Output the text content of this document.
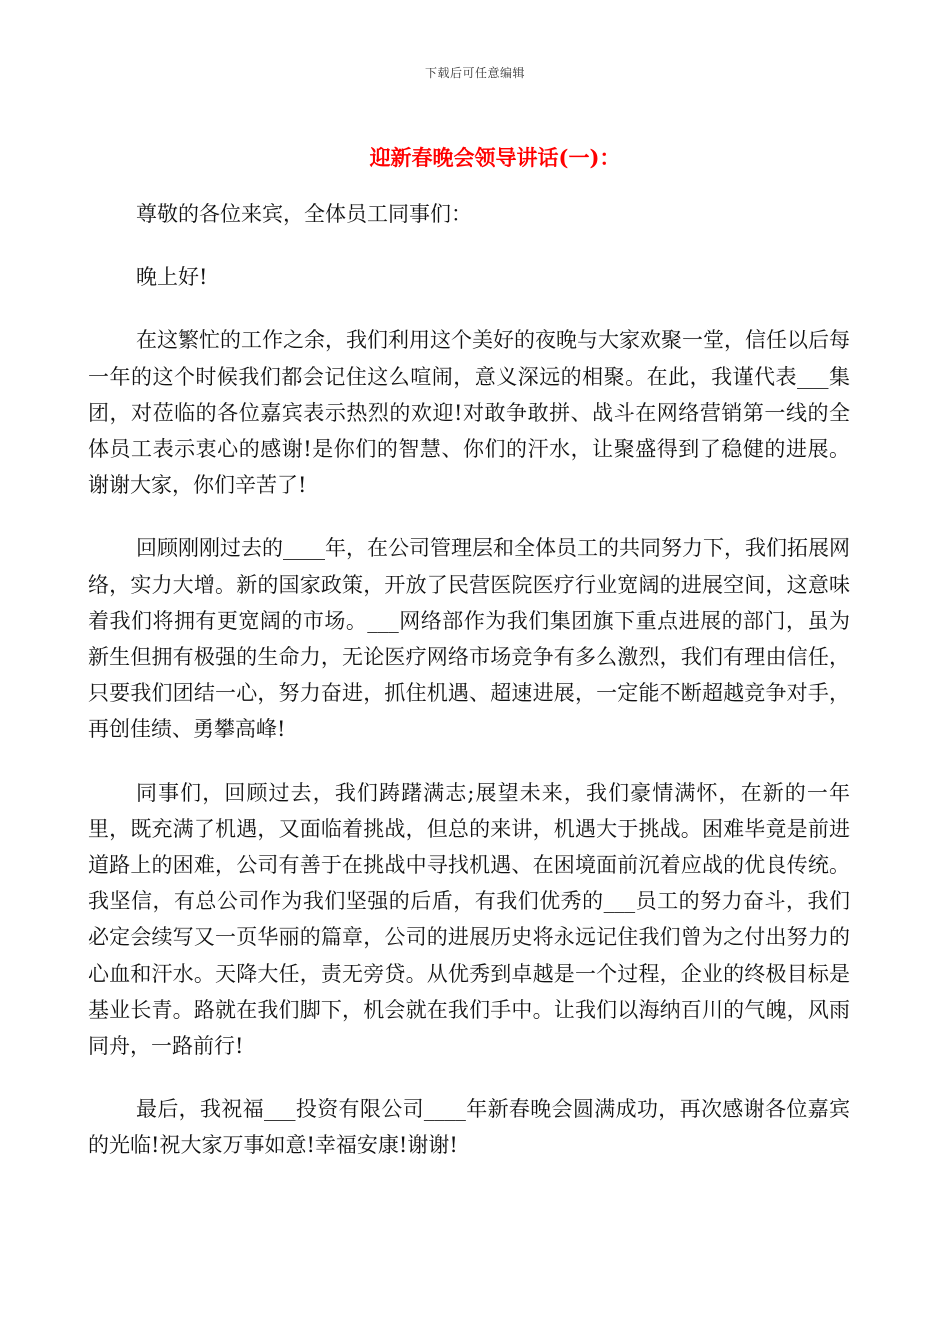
下载后可任意编辑
迎新春晚会领导讲话(一)：

尊敬的各位来宾，全体员工同事们：

晚上好!

在这繁忙的工作之余，我们利用这个美好的夜晚与大家欢聚一堂，信任以后每一年的这个时候我们都会记住这么喧闹，意义深远的相聚。在此，我谨代表___集团，对莅临的各位嘉宾表示热烈的欢迎!对敢争敢拼、战斗在网络营销第一线的全体员工表示衷心的感谢!是你们的智慧、你们的汗水，让聚盛得到了稳健的进展。谢谢大家，你们辛苦了!

回顾刚刚过去的____年，在公司管理层和全体员工的共同努力下，我们拓展网络，实力大增。新的国家政策，开放了民营医院医疗行业宽阔的进展空间，这意味着我们将拥有更宽阔的市场。___网络部作为我们集团旗下重点进展的部门，虽为新生但拥有极强的生命力，无论医疗网络市场竞争有多么激烈，我们有理由信任，只要我们团结一心，努力奋进，抓住机遇、超速进展，一定能不断超越竞争对手，再创佳绩、勇攀高峰!

同事们，回顾过去，我们踌躇满志;展望未来，我们豪情满怀，在新的一年里，既充满了机遇，又面临着挑战，但总的来讲，机遇大于挑战。困难毕竟是前进道路上的困难，公司有善于在挑战中寻找机遇、在困境面前沉着应战的优良传统。我坚信，有总公司作为我们坚强的后盾，有我们优秀的___员工的努力奋斗，我们必定会续写又一页华丽的篇章，公司的进展历史将永远记住我们曾为之付出努力的心血和汗水。天降大任，责无旁贷。从优秀到卓越是一个过程，企业的终极目标是基业长青。路就在我们脚下，机会就在我们手中。让我们以海纳百川的气魄，风雨同舟，一路前行!

最后，我祝福___投资有限公司____年新春晚会圆满成功，再次感谢各位嘉宾的光临!祝大家万事如意!幸福安康!谢谢!
